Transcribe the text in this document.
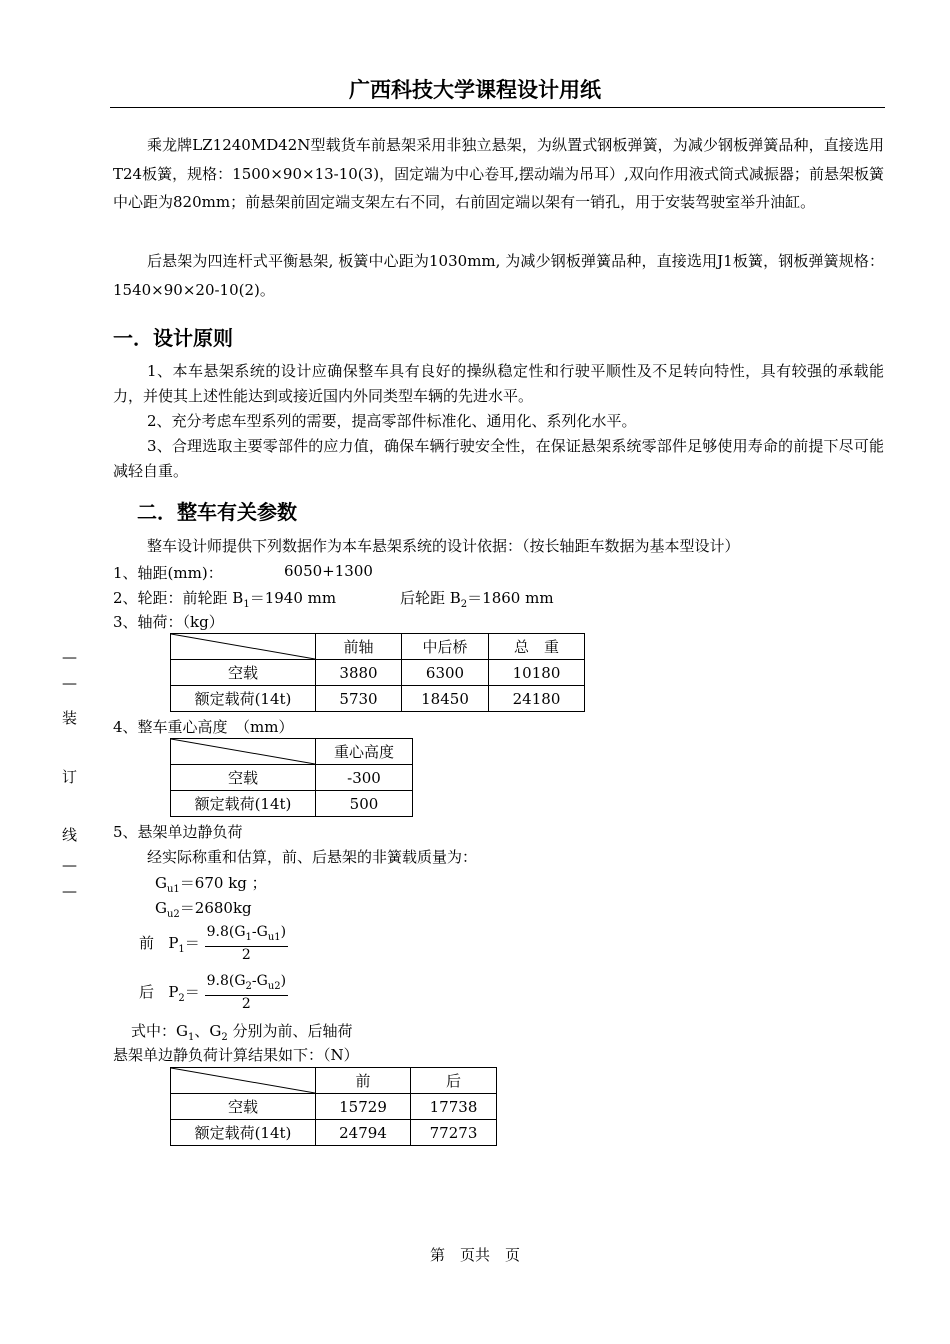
广西科技大学课程设计用纸
乘龙牌LZ1240MD42N型载货车前悬架采用非独立悬架，为纵置式钢板弹簧，为减少钢板弹簧品种，直接选用T24板簧，规格：1500×90×13-10(3)，固定端为中心卷耳,摆动端为吊耳）,双向作用液式筒式减振器；前悬架板簧中心距为820mm；前悬架前固定端支架左右不同，右前固定端以架有一销孔，用于安装驾驶室举升油缸。
后悬架为四连杆式平衡悬架, 板簧中心距为1030mm, 为减少钢板弹簧品种，直接选用J1板簧，钢板弹簧规格：1540×90×20-10(2)。
一．设计原则
1、本车悬架系统的设计应确保整车具有良好的操纵稳定性和行驶平顺性及不足转向特性，具有较强的承载能力，并使其上述性能达到或接近国内外同类型车辆的先进水平。
2、充分考虑车型系列的需要，提高零部件标准化、通用化、系列化水平。
3、合理选取主要零部件的应力值，确保车辆行驶安全性，在保证悬架系统零部件足够使用寿命的前提下尽可能减轻自重。
二．整车有关参数
整车设计师提供下列数据作为本车悬架系统的设计依据：（按长轴距车数据为基本型设计）
1、轴距(mm)：	6050+1300
2、轮距：前轮距 $B_1=1940$ mm	后轮距 $B_2=1860$ mm
3、轴荷：（kg）
	前轴	中后桥	总　重
空载	3880	6300	10180
额定载荷(14t)	5730	18450	24180
4、整车重心高度　（mm）
	重心高度
空载	-300
额定载荷(14t)	500
5、悬架单边静负荷
经实际称重和估算，前、后悬架的非簧载质量为：
$G_{u1}=670$ kg ；
$G_{u2}=2680kg$
前 $P_1= \frac{9.8(G_1-G_{u1})}{2}$
后 $P_2= \frac{9.8(G_2-G_{u2})}{2}$
式中：$G_1$、$G_2$ 分别为前、后轴荷
悬架单边静负荷计算结果如下：（N）
	前	后
空载	15729	17738
额定载荷(14t)	24794	77273
—
—
装
订
线
—
—
第　页共　页
